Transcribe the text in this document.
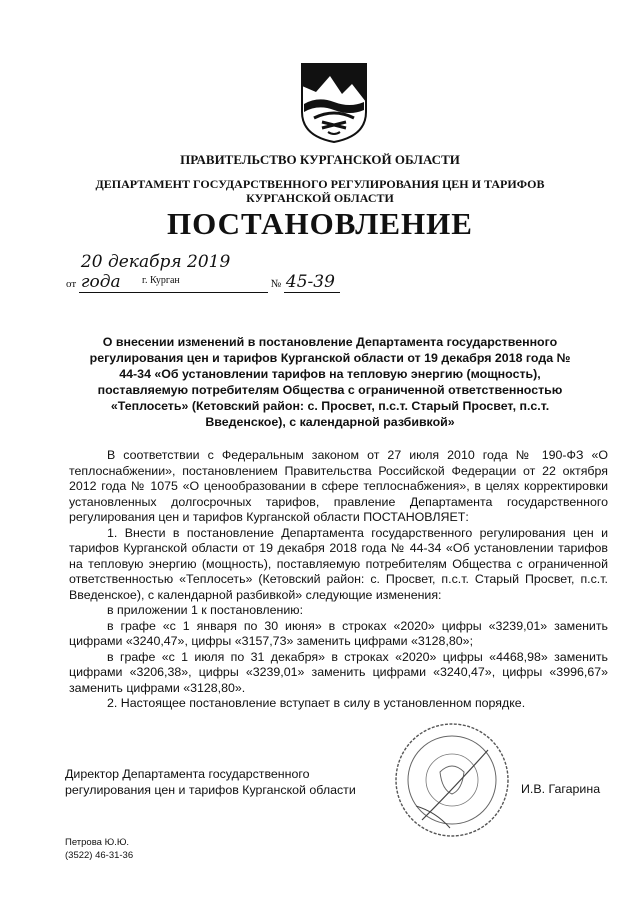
ПРАВИТЕЛЬСТВО КУРГАНСКОЙ ОБЛАСТИ
ДЕПАРТАМЕНТ ГОСУДАРСТВЕННОГО РЕГУЛИРОВАНИЯ ЦЕН И ТАРИФОВ
КУРГАНСКОЙ ОБЛАСТИ
ПОСТАНОВЛЕНИЕ
от 20 декабря 2019 года	№ 45-39
г. Курган
О внесении изменений в постановление Департамента государственного регулирования цен и тарифов Курганской области от 19 декабря 2018 года № 44-34 «Об установлении тарифов на тепловую энергию (мощность), поставляемую потребителям Общества с ограниченной ответственностью «Теплосеть» (Кетовский район: с. Просвет, п.с.т. Старый Просвет, п.с.т. Введенское), с календарной разбивкой»

В соответствии с Федеральным законом от 27 июля 2010 года № 190-ФЗ «О теплоснабжении», постановлением Правительства Российской Федерации от 22 октября 2012 года № 1075 «О ценообразовании в сфере теплоснабжения», в целях корректировки установленных долгосрочных тарифов, правление Департамента государственного регулирования цен и тарифов Курганской области ПОСТАНОВЛЯЕТ:

1. Внести в постановление Департамента государственного регулирования цен и тарифов Курганской области от 19 декабря 2018 года № 44-34 «Об установлении тарифов на тепловую энергию (мощность), поставляемую потребителям Общества с ограниченной ответственностью «Теплосеть» (Кетовский район: с. Просвет, п.с.т. Старый Просвет, п.с.т. Введенское), с календарной разбивкой» следующие изменения:

в приложении 1 к постановлению:

в графе «с 1 января по 30 июня» в строках «2020» цифры «3239,01» заменить цифрами «3240,47», цифры «3157,73» заменить цифрами «3128,80»;

в графе «с 1 июля по 31 декабря» в строках «2020» цифры «4468,98» заменить цифрами «3206,38», цифры «3239,01» заменить цифрами «3240,47», цифры «3996,67» заменить цифрами «3128,80».

2. Настоящее постановление вступает в силу в установленном порядке.

Директор Департамента государственного
регулирования цен и тарифов Курганской области	И.В. Гагарина
Петрова Ю.Ю.
(3522) 46-31-36
